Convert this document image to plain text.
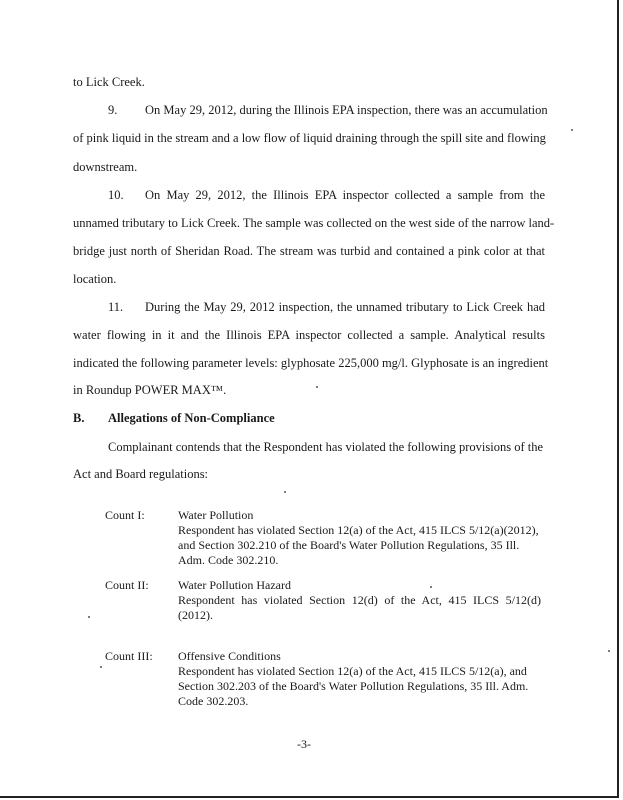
to Lick Creek.
9. On May 29, 2012, during the Illinois EPA inspection, there was an accumulation
of pink liquid in the stream and a low flow of liquid draining through the spill site and flowing
downstream.
10. On May 29, 2012, the Illinois EPA inspector collected a sample from the
unnamed tributary to Lick Creek. The sample was collected on the west side of the narrow land-
bridge just north of Sheridan Road. The stream was turbid and contained a pink color at that
location.
11. During the May 29, 2012 inspection, the unnamed tributary to Lick Creek had
water flowing in it and the Illinois EPA inspector collected a sample. Analytical results
indicated the following parameter levels: glyphosate 225,000 mg/l. Glyphosate is an ingredient
in Roundup POWER MAX™.
B. Allegations of Non-Compliance
Complainant contends that the Respondent has violated the following provisions of the
Act and Board regulations:
Count I:	Water Pollution

Respondent has violated Section 12(a) of the Act, 415 ILCS 5/12(a)(2012), and Section 302.210 of the Board's Water Pollution Regulations, 35 Ill. Adm. Code 302.210.

Count II: Water Pollution Hazard

Respondent has violated Section 12(d) of the Act, 415 ILCS 5/12(d) (2012).

Count III: Offensive Conditions

Respondent has violated Section 12(a) of the Act, 415 ILCS 5/12(a), and Section 302.203 of the Board's Water Pollution Regulations, 35 Ill. Adm. Code 302.203.

-3-
